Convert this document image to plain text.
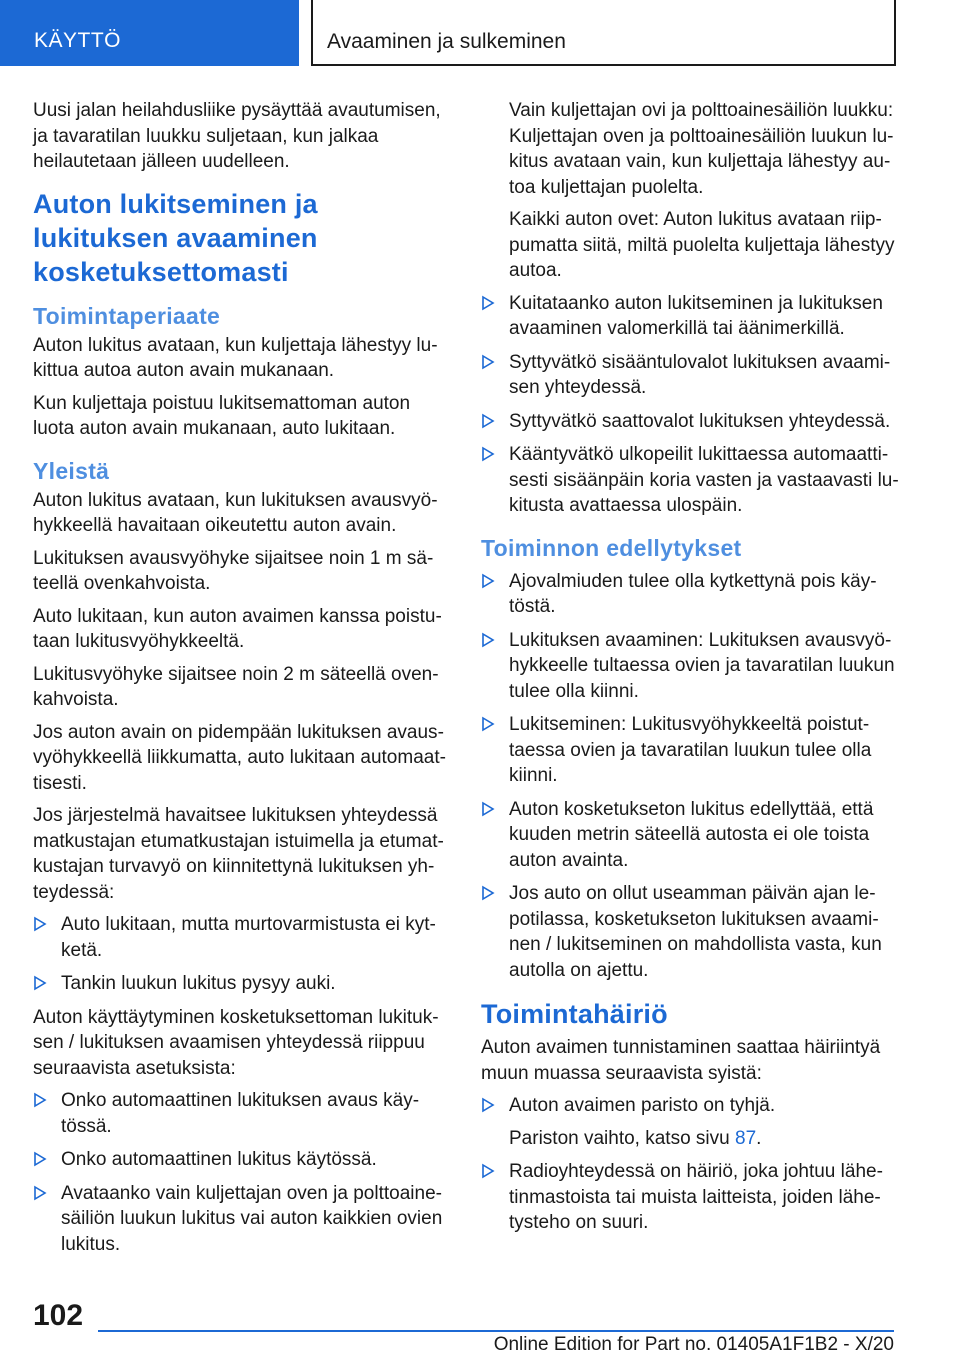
KÄYTTÖ	Avaaminen ja sulkeminen

Uusi jalan heilahdusliike pysäyttää avautumisen, ja tavaratilan luukku suljetaan, kun jalkaa heilautetaan jälleen uudelleen.

Auton lukitseminen ja lukituksen avaaminen kosketuksettomasti
Toimintaperiaate

Auton lukitus avataan, kun kuljettaja lähestyy lukittua autoa auton avain mukanaan.

Kun kuljettaja poistuu lukitsemattoman auton luota auton avain mukanaan, auto lukitaan.

Yleistä

Auton lukitus avataan, kun lukituksen avausvyöhykkeellä havaitaan oikeutettu auton avain.

Lukituksen avausvyöhyke sijaitsee noin 1 m säteellä ovenkahvoista.

Auto lukitaan, kun auton avaimen kanssa poistutaan lukitusvyöhykkeeltä.

Lukitusvyöhyke sijaitsee noin 2 m säteellä ovenkahvoista.

Jos auton avain on pidempään lukituksen avausvyöhykkeellä liikkumatta, auto lukitaan automaattisesti.

Jos järjestelmä havaitsee lukituksen yhteydessä matkustajan etumatkustajan istuimella ja etumatkustajan turvavyö on kiinnitettynä lukituksen yhteydessä:

Auto lukitaan, mutta murtovarmistusta ei kytketä.
Tankin luukun lukitus pysyy auki.

Auton käyttäytyminen kosketuksettoman lukituksen / lukituksen avaamisen yhteydessä riippuu seuraavista asetuksista:

Onko automaattinen lukituksen avaus käytössä.
Onko automaattinen lukitus käytössä.
Avataanko vain kuljettajan oven ja polttoainesäiliön luukun lukitus vai auton kaikkien ovien lukitus.

Vain kuljettajan ovi ja polttoainesäiliön luukku: Kuljettajan oven ja polttoainesäiliön luukun lukitus avataan vain, kun kuljettaja lähestyy autoa kuljettajan puolelta.

Kaikki auton ovet: Auton lukitus avataan riippumatta siitä, miltä puolelta kuljettaja lähestyy autoa.

Kuitataanko auton lukitseminen ja lukituksen avaaminen valomerkillä tai äänimerkillä.
Syttyvätkö sisääntulovalot lukituksen avaamisen yhteydessä.
Syttyvätkö saattovalot lukituksen yhteydessä.
Kääntyvätkö ulkopeilit lukittaessa automaattisesti sisäänpäin koria vasten ja vastaavasti lukitusta avattaessa ulospäin.
Toiminnon edellytykset
Ajovalmiuden tulee olla kytkettynä pois käytöstä.
Lukituksen avaaminen: Lukituksen avausvyöhykkeelle tultaessa ovien ja tavaratilan luukun tulee olla kiinni.
Lukitseminen: Lukitusvyöhykkeeltä poistuttaessa ovien ja tavaratilan luukun tulee olla kiinni.
Auton kosketukseton lukitus edellyttää, että kuuden metrin säteellä autosta ei ole toista auton avainta.
Jos auto on ollut useamman päivän ajan lepotilassa, kosketukseton lukituksen avaaminen / lukitseminen on mahdollista vasta, kun autolla on ajettu.
Toimintahäiriö

Auton avaimen tunnistaminen saattaa häiriintyä muun muassa seuraavista syistä:

Auton avaimen paristo on tyhjä.
Pariston vaihto, katso sivu 87.
Radioyhteydessä on häiriö, joka johtuu lähetinmastoista tai muista laitteista, joiden lähetysteho on suuri.
102
Online Edition for Part no. 01405A1F1B2 - X/20
